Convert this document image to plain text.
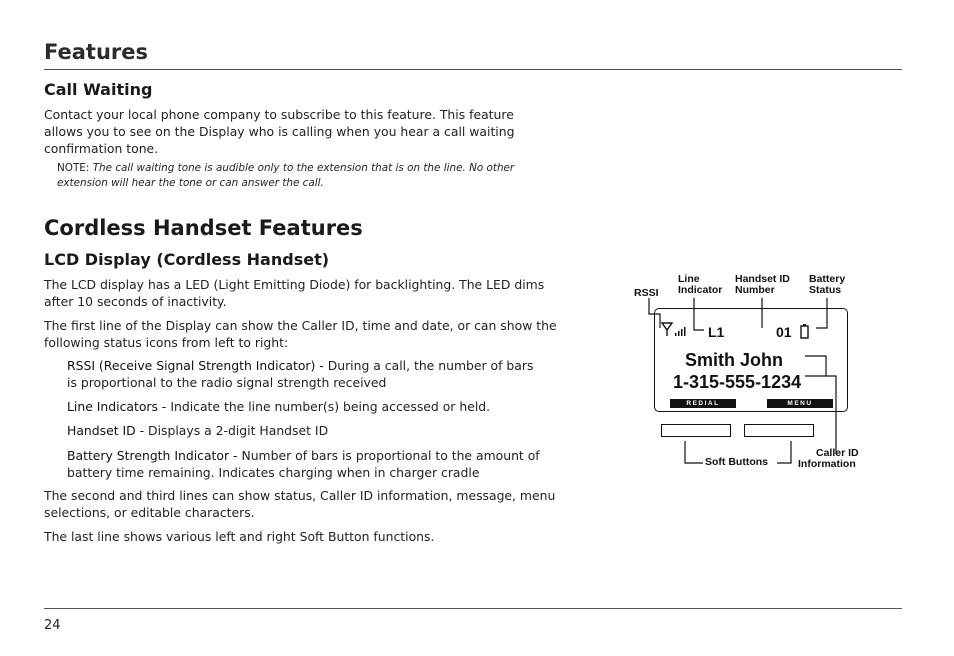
Features
Call Waiting
Contact your local phone company to subscribe to this feature. This feature allows you to see on the Display who is calling when you hear a call waiting confirmation tone.
NOTE: The call waiting tone is audible only to the extension that is on the line. No other extension will hear the tone or can answer the call.
Cordless Handset Features
LCD Display (Cordless Handset)
The LCD display has a LED (Light Emitting Diode) for backlighting. The LED dims after 10 seconds of inactivity.
The first line of the Display can show the Caller ID, time and date, or can show the following status icons from left to right:
RSSI (Receive Signal Strength Indicator) - During a call, the number of bars is proportional to the radio signal strength received
Line Indicators - Indicate the line number(s) being accessed or held.
Handset ID - Displays a 2-digit Handset ID
Battery Strength Indicator - Number of bars is proportional to the amount of battery time remaining. Indicates charging when in charger cradle
The second and third lines can show status, Caller ID information, message, menu selections, or editable characters.
The last line shows various left and right Soft Button functions.
RSSI
Line
Indicator
Handset ID
Number
Battery
Status
L1	01
Smith John
1-315-555-1234
REDIAL	MENU
Soft Buttons
Caller ID
Information
24
